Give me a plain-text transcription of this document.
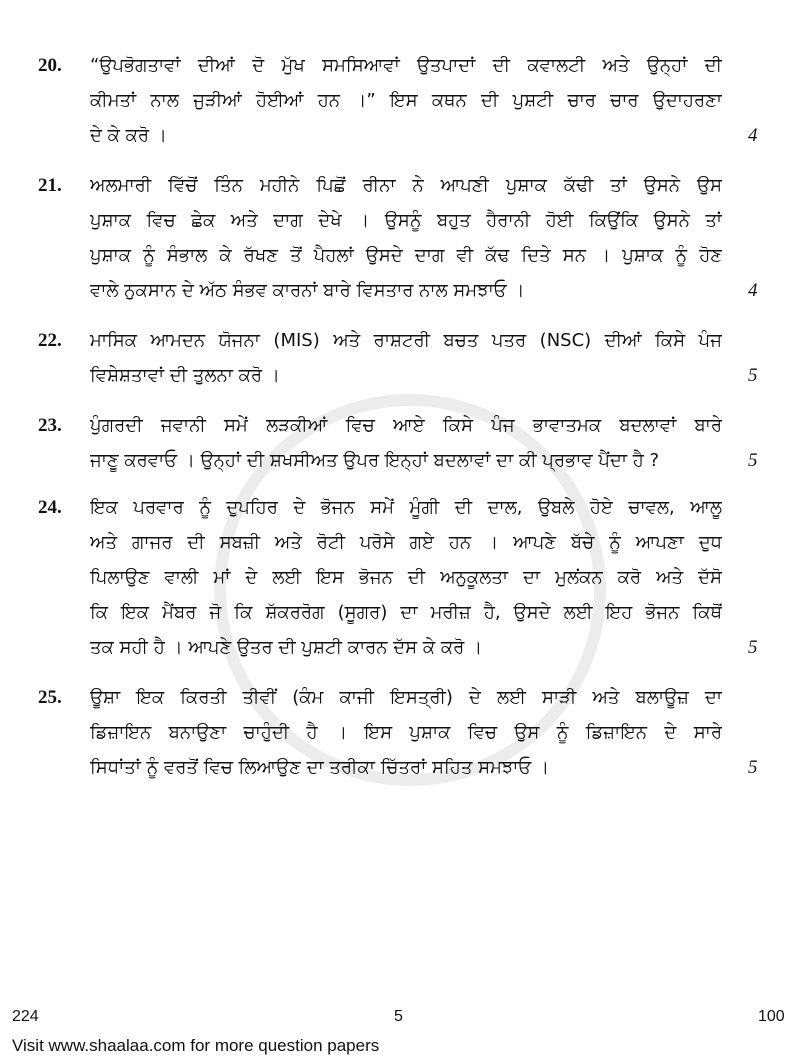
20. “ਉਪਭੋਗਤਾਵਾਂ ਦੀਆਂ ਦੋ ਮੁੱਖ ਸਮਸਿਆਵਾਂ ਉਤਪਾਦਾਂ ਦੀ ਕਵਾਲਟੀ ਅਤੇ ਉਨ੍ਹਾਂ ਦੀ
ਕੀਮਤਾਂ ਨਾਲ ਜੁੜੀਆਂ ਹੋਈਆਂ ਹਨ ।” ਇਸ ਕਥਨ ਦੀ ਪੁਸ਼ਟੀ ਚਾਰ ਚਾਰ ਉਦਾਹਰਣਾ
ਦੇ ਕੇ ਕਰੋ ।	4
21. ਅਲਮਾਰੀ ਵਿੱਚੋਂ ਤਿੰਨ ਮਹੀਨੇ ਪਿਛੋਂ ਰੀਨਾ ਨੇ ਆਪਣੀ ਪੁਸ਼ਾਕ ਕੱਢੀ ਤਾਂ ਉਸਨੇ ਉਸ
ਪੁਸ਼ਾਕ ਵਿਚ ਛੇਕ ਅਤੇ ਦਾਗ ਦੇਖੇ । ਉਸਨੂੰ ਬਹੁਤ ਹੈਰਾਨੀ ਹੋਈ ਕਿਉਂਕਿ ਉਸਨੇ ਤਾਂ
ਪੁਸ਼ਾਕ ਨੂੰ ਸੰਭਾਲ ਕੇ ਰੱਖਣ ਤੋਂ ਪੈਹਲਾਂ ਉਸਦੇ ਦਾਗ ਵੀ ਕੱਢ ਦਿਤੇ ਸਨ । ਪੁਸ਼ਾਕ ਨੂੰ ਹੋਣ
ਵਾਲੇ ਨੁਕਸਾਨ ਦੇ ਅੱਠ ਸੰਭਵ ਕਾਰਨਾਂ ਬਾਰੇ ਵਿਸਤਾਰ ਨਾਲ ਸਮਝਾਓ ।	4
22. ਮਾਸਿਕ ਆਮਦਨ ਯੋਜਨਾ (MIS) ਅਤੇ ਰਾਸ਼ਟਰੀ ਬਚਤ ਪਤਰ (NSC) ਦੀਆਂ ਕਿਸੇ ਪੰਜ
ਵਿਸ਼ੇਸ਼ਤਾਵਾਂ ਦੀ ਤੁਲਨਾ ਕਰੋ ।	5
23. ਪੁੰਗਰਦੀ ਜਵਾਨੀ ਸਮੇਂ ਲੜਕੀਆਂ ਵਿਚ ਆਏ ਕਿਸੇ ਪੰਜ ਭਾਵਾਤਮਕ ਬਦਲਾਵਾਂ ਬਾਰੇ
ਜਾਣੂ ਕਰਵਾਓ । ਉਨ੍ਹਾਂ ਦੀ ਸ਼ਖਸੀਅਤ ਉਪਰ ਇਨ੍ਹਾਂ ਬਦਲਾਵਾਂ ਦਾ ਕੀ ਪ੍ਰਭਾਵ ਪੈਂਦਾ ਹੈ ?	5
24. ਇਕ ਪਰਵਾਰ ਨੂੰ ਦੁਪਹਿਰ ਦੇ ਭੋਜਨ ਸਮੇਂ ਮੂੰਗੀ ਦੀ ਦਾਲ, ਉਬਲੇ ਹੋਏ ਚਾਵਲ, ਆਲੂ
ਅਤੇ ਗਾਜਰ ਦੀ ਸਬਜ਼ੀ ਅਤੇ ਰੋਟੀ ਪਰੋਸੇ ਗਏ ਹਨ । ਆਪਣੇ ਬੱਚੇ ਨੂੰ ਆਪਣਾ ਦੁਧ
ਪਿਲਾਉਣ ਵਾਲੀ ਮਾਂ ਦੇ ਲਈ ਇਸ ਭੋਜਨ ਦੀ ਅਨੁਕੂਲਤਾ ਦਾ ਮੁਲਂਕਨ ਕਰੋ ਅਤੇ ਦੱਸੋ
ਕਿ ਇਕ ਮੈਂਬਰ ਜੋ ਕਿ ਸ਼ੱਕਰਰੋਗ (ਸੂਗਰ) ਦਾ ਮਰੀਜ਼ ਹੈ, ਉਸਦੇ ਲਈ ਇਹ ਭੋਜਨ ਕਿਥੋਂ
ਤਕ ਸਹੀ ਹੈ । ਆਪਣੇ ਉਤਰ ਦੀ ਪੁਸ਼ਟੀ ਕਾਰਨ ਦੱਸ ਕੇ ਕਰੋ ।	5
25. ਊਸ਼ਾ ਇਕ ਕਿਰਤੀ ਤੀਵੀਂ (ਕੰਮ ਕਾਜੀ ਇਸਤ੍ਰੀ) ਦੇ ਲਈ ਸਾੜੀ ਅਤੇ ਬਲਾਊਜ਼ ਦਾ
ਡਿਜ਼ਾਇਨ ਬਨਾਉਣਾ ਚਾਹੁੰਦੀ ਹੈ । ਇਸ ਪੁਸ਼ਾਕ ਵਿਚ ਉਸ ਨੂੰ ਡਿਜ਼ਾਇਨ ਦੇ ਸਾਰੇ
ਸਿਧਾਂਤਾਂ ਨੂੰ ਵਰਤੋਂ ਵਿਚ ਲਿਆਉਣ ਦਾ ਤਰੀਕਾ ਚਿੱਤਰਾਂ ਸਹਿਤ ਸਮਝਾਓ ।	5
224	5	100
Visit www.shaalaa.com for more question papers
